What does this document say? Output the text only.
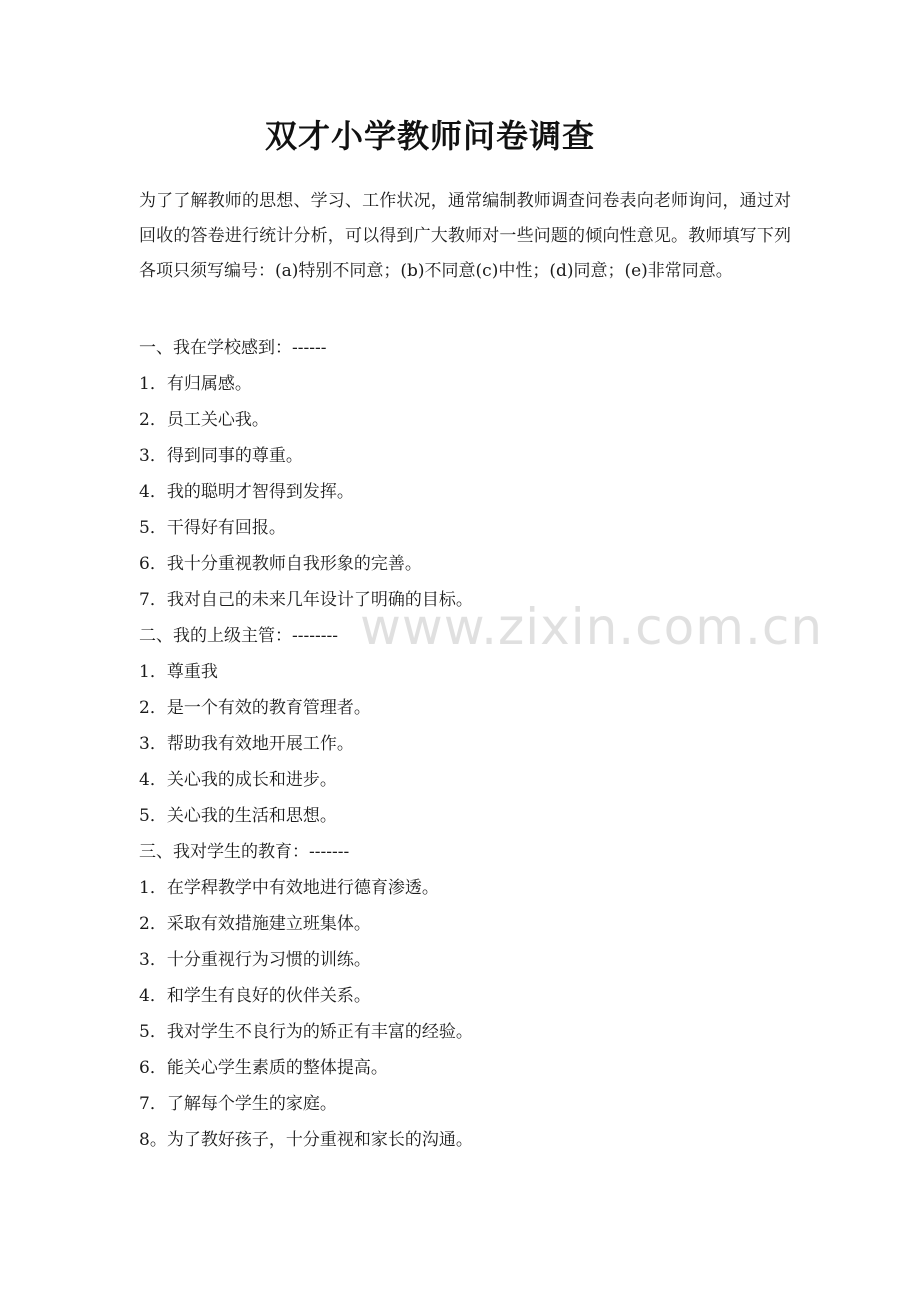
双才小学教师问卷调查

为了了解教师的思想、学习、工作状况，通常编制教师调查问卷表向老师询问，通过对回收的答卷进行统计分析，可以得到广大教师对一些问题的倾向性意见。教师填写下列各项只须写编号：(a)特别不同意；(b)不同意(c)中性；(d)同意；(e)非常同意。

一、我在学校感到：------
1．有归属感。
2．员工关心我。
3．得到同事的尊重。
4．我的聪明才智得到发挥。
5．干得好有回报。
6．我十分重视教师自我形象的完善。
7．我对自己的未来几年设计了明确的目标。
二、我的上级主管：--------
1．尊重我
2．是一个有效的教育管理者。
3．帮助我有效地开展工作。
4．关心我的成长和进步。
5．关心我的生活和思想。
三、我对学生的教育：-------
1．在学稈教学中有效地进行德育渗透。
2．采取有效措施建立班集体。
3．十分重视行为习惯的训练。
4．和学生有良好的伙伴关系。
5．我对学生不良行为的矫正有丰富的经验。
6．能关心学生素质的整体提高。
7．了解每个学生的家庭。
8。为了教好孩子，十分重视和家长的沟通。
www.zixin.com.cn
